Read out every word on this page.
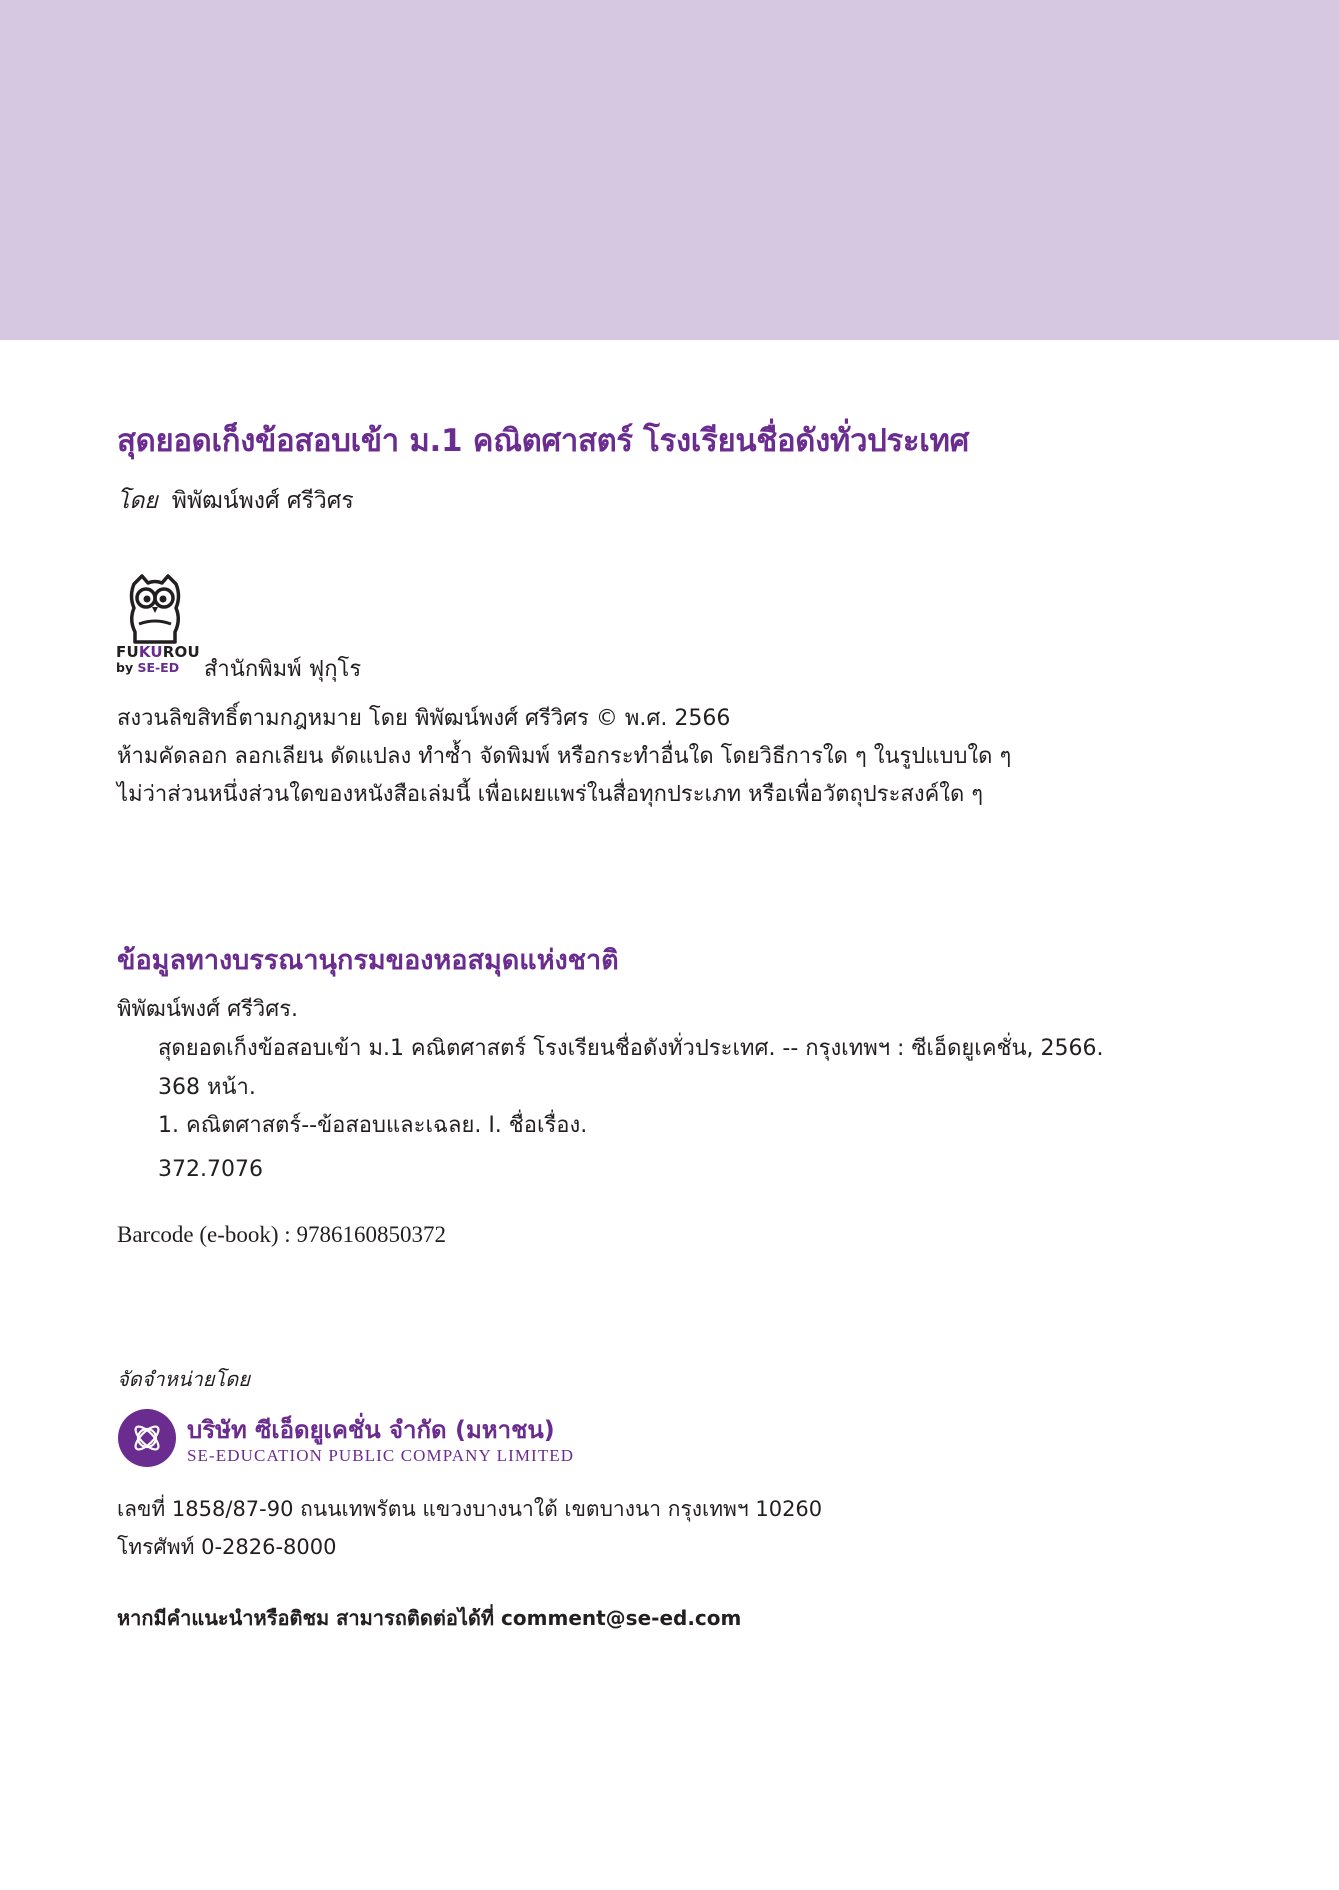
สุดยอดเก็งข้อสอบเข้า ม.1 คณิตศาสตร์ โรงเรียนชื่อดังทั่วประเทศ
โดย พิพัฒน์พงศ์ ศรีวิศร
FUKUROU
by SE-ED	สำนักพิมพ์ ฟุกุโร
สงวนลิขสิทธิ์ตามกฎหมาย โดย พิพัฒน์พงศ์ ศรีวิศร © พ.ศ. 2566
ห้ามคัดลอก ลอกเลียน ดัดแปลง ทำซ้ำ จัดพิมพ์ หรือกระทำอื่นใด โดยวิธีการใด ๆ ในรูปแบบใด ๆ
ไม่ว่าส่วนหนึ่งส่วนใดของหนังสือเล่มนี้ เพื่อเผยแพร่ในสื่อทุกประเภท หรือเพื่อวัตถุประสงค์ใด ๆ
ข้อมูลทางบรรณานุกรมของหอสมุดแห่งชาติ
พิพัฒน์พงศ์ ศรีวิศร.
สุดยอดเก็งข้อสอบเข้า ม.1 คณิตศาสตร์ โรงเรียนชื่อดังทั่วประเทศ. -- กรุงเทพฯ : ซีเอ็ดยูเคชั่น, 2566.
368 หน้า.
1. คณิตศาสตร์--ข้อสอบและเฉลย. I. ชื่อเรื่อง.
372.7076
Barcode (e-book) : 9786160850372
จัดจำหน่ายโดย
บริษัท ซีเอ็ดยูเคชั่น จำกัด (มหาชน)
SE-EDUCATION PUBLIC COMPANY LIMITED
เลขที่ 1858/87-90 ถนนเทพรัตน แขวงบางนาใต้ เขตบางนา กรุงเทพฯ 10260
โทรศัพท์ 0-2826-8000
หากมีคำแนะนำหรือติชม สามารถติดต่อได้ที่ comment@se-ed.com
